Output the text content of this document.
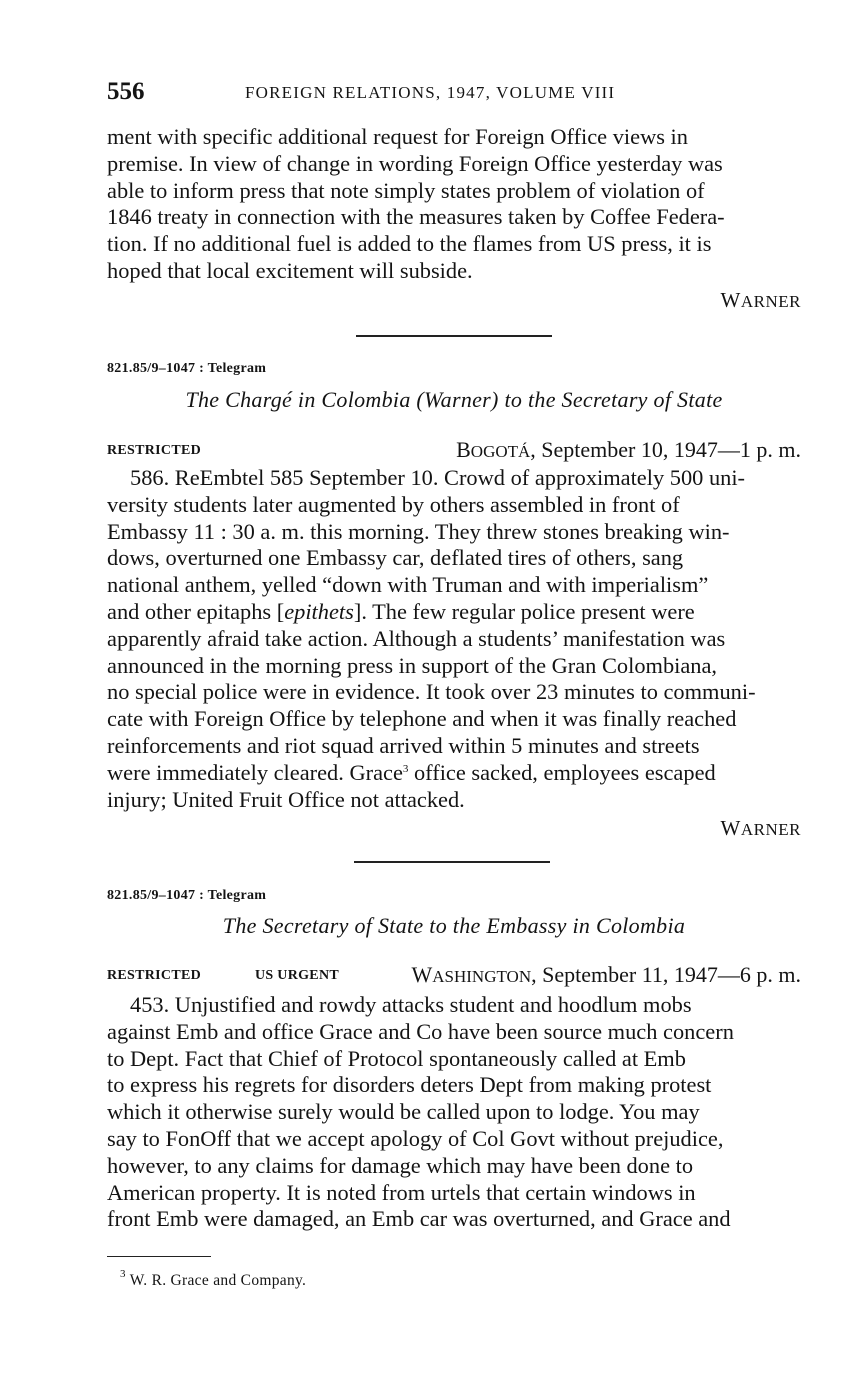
556	FOREIGN RELATIONS, 1947, VOLUME VIII

ment with specific additional request for Foreign Office views in

premise. In view of change in wording Foreign Office yesterday was

able to inform press that note simply states problem of violation of

1846 treaty in connection with the measures taken by Coffee Federa-

tion. If no additional fuel is added to the flames from US press, it is

hoped that local excitement will subside.

WARNER
821.85/9–1047 : Telegram
The Chargé in Colombia (Warner) to the Secretary of State
RESTRICTED	BOGOTÁ, September 10, 1947—1 p. m.

586. ReEmbtel 585 September 10. Crowd of approximately 500 uni-

versity students later augmented by others assembled in front of

Embassy 11 : 30 a. m. this morning. They threw stones breaking win-

dows, overturned one Embassy car, deflated tires of others, sang

national anthem, yelled “down with Truman and with imperialism”

and other epitaphs [epithets]. The few regular police present were

apparently afraid take action. Although a students’ manifestation was

announced in the morning press in support of the Gran Colombiana,

no special police were in evidence. It took over 23 minutes to communi-

cate with Foreign Office by telephone and when it was finally reached

reinforcements and riot squad arrived within 5 minutes and streets

were immediately cleared. Grace$^3$ office sacked, employees escaped

injury; United Fruit Office not attacked.

WARNER
821.85/9–1047 : Telegram
The Secretary of State to the Embassy in Colombia
RESTRICTED	US URGENT	WASHINGTON, September 11, 1947—6 p. m.

453. Unjustified and rowdy attacks student and hoodlum mobs

against Emb and office Grace and Co have been source much concern

to Dept. Fact that Chief of Protocol spontaneously called at Emb

to express his regrets for disorders deters Dept from making protest

which it otherwise surely would be called upon to lodge. You may

say to FonOff that we accept apology of Col Govt without prejudice,

however, to any claims for damage which may have been done to

American property. It is noted from urtels that certain windows in

front Emb were damaged, an Emb car was overturned, and Grace and

$^3$ W. R. Grace and Company.
